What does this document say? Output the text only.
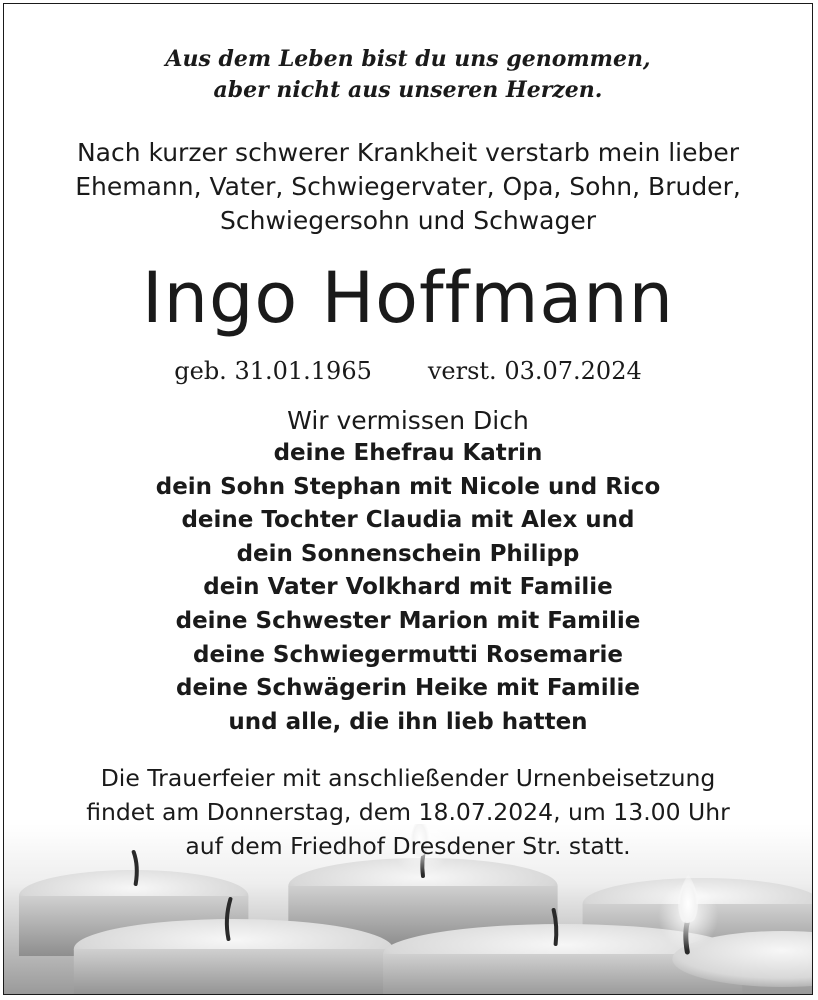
Aus dem Leben bist du uns genommen,
aber nicht aus unseren Herzen.
Nach kurzer schwerer Krankheit verstarb mein lieber
Ehemann, Vater, Schwiegervater, Opa, Sohn, Bruder,
Schwiegersohn und Schwager
Ingo Hoffmann
geb. 31.01.1965 verst. 03.07.2024
Wir vermissen Dich
deine Ehefrau Katrin
dein Sohn Stephan mit Nicole und Rico
deine Tochter Claudia mit Alex und
dein Sonnenschein Philipp
dein Vater Volkhard mit Familie
deine Schwester Marion mit Familie
deine Schwiegermutti Rosemarie
deine Schwägerin Heike mit Familie
und alle, die ihn lieb hatten
Die Trauerfeier mit anschließender Urnenbeisetzung
findet am Donnerstag, dem 18.07.2024, um 13.00 Uhr
auf dem Friedhof Dresdener Str. statt.
